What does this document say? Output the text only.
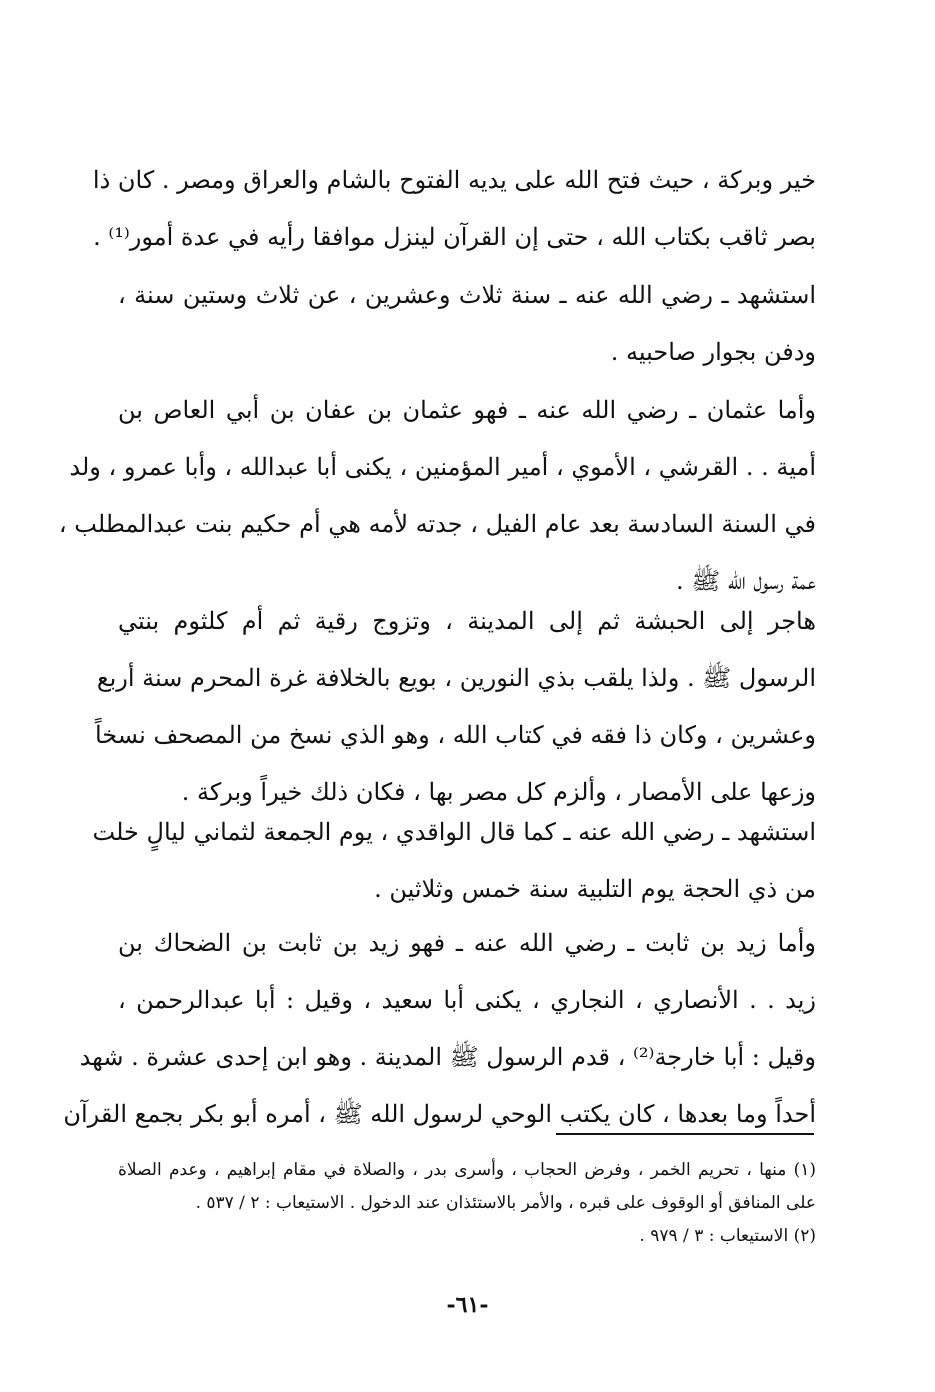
خير وبركة ، حيث فتح الله على يديه الفتوح بالشام والعراق ومصر . كان ذا
بصر ثاقب بكتاب الله ، حتى إن القرآن لينزل موافقا رأيه في عدة أمور⁽¹⁾ .
استشهد ـ رضي الله عنه ـ سنة ثلاث وعشرين ، عن ثلاث وستين سنة ،
ودفن بجوار صاحبيه .
وأما عثمان ـ رضي الله عنه ـ فهو عثمان بن عفان بن أبي العاص بن
أمية . . القرشي ، الأموي ، أمير المؤمنين ، يكنى أبا عبدالله ، وأبا عمرو ، ولد
في السنة السادسة بعد عام الفيل ، جدته لأمه هي أم حكيم بنت عبدالمطلب ،
عمة رسول الله ﷺ .
هاجر إلى الحبشة ثم إلى المدينة ، وتزوج رقية ثم أم كلثوم بنتي
الرسول ﷺ . ولذا يلقب بذي النورين ، بويع بالخلافة غرة المحرم سنة أربع
وعشرين ، وكان ذا فقه في كتاب الله ، وهو الذي نسخ من المصحف نسخاً
وزعها على الأمصار ، وألزم كل مصر بها ، فكان ذلك خيراً وبركة .
استشهد ـ رضي الله عنه ـ كما قال الواقدي ، يوم الجمعة لثماني ليالٍ خلت
من ذي الحجة يوم التلبية سنة خمس وثلاثين .
وأما زيد بن ثابت ـ رضي الله عنه ـ فهو زيد بن ثابت بن الضحاك بن
زيد . . الأنصاري ، النجاري ، يكنى أبا سعيد ، وقيل : أبا عبدالرحمن ،
وقيل : أبا خارجة⁽²⁾ ، قدم الرسول ﷺ المدينة . وهو ابن إحدى عشرة . شهد
أحداً وما بعدها ، كان يكتب الوحي لرسول الله ﷺ ، أمره أبو بكر بجمع القرآن
(١) منها ، تحريم الخمر ، وفرض الحجاب ، وأسرى بدر ، والصلاة في مقام إبراهيم ، وعدم الصلاة
على المنافق أو الوقوف على قبره ، والأمر بالاستئذان عند الدخول . الاستيعاب : ٢ / ٥٣٧ .
(٢) الاستيعاب : ٣ / ٩٧٩ .
-٦١-
